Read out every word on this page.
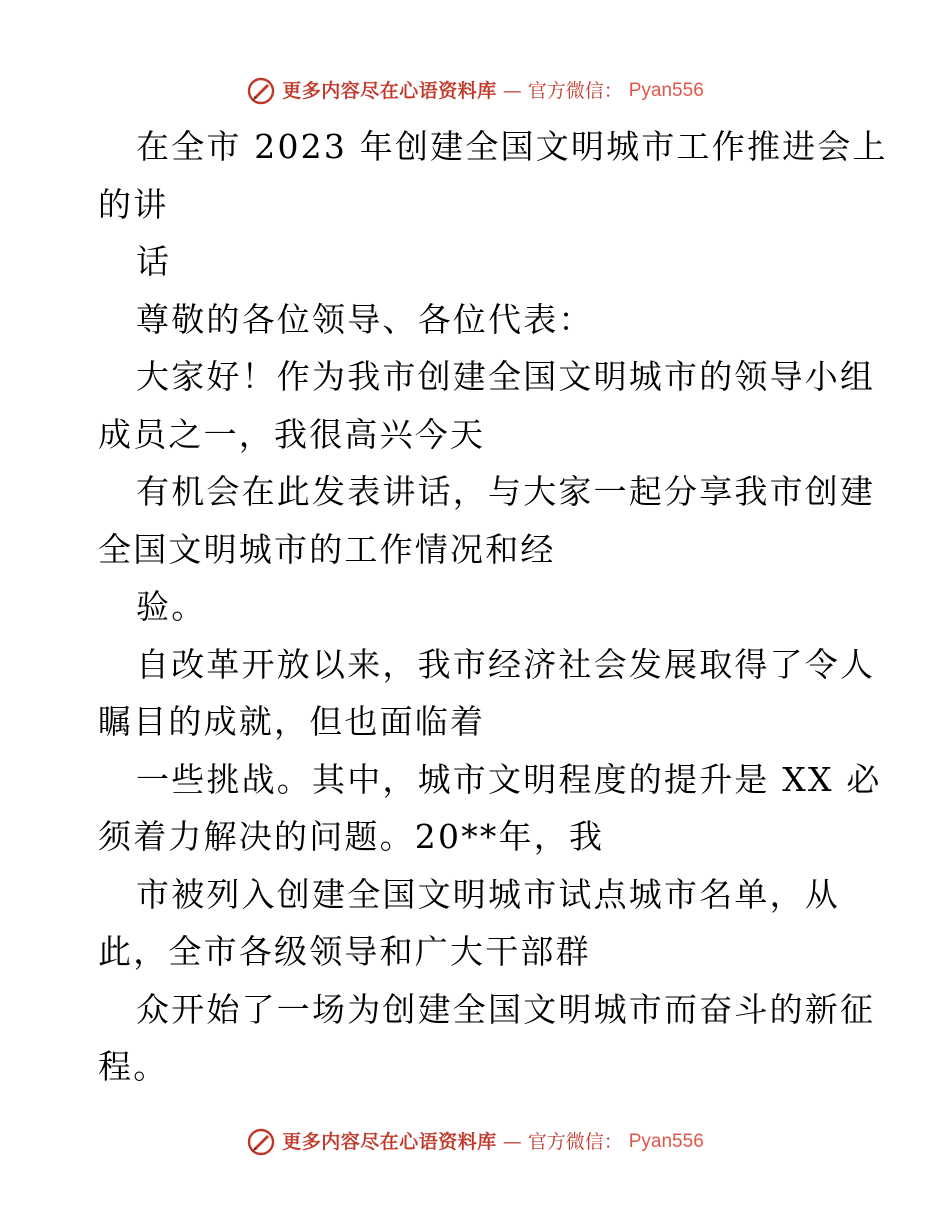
更多内容尽在心语资料库 — 官方微信： Pyan556
在全市 2023 年创建全国文明城市工作推进会上
的讲
话
尊敬的各位领导、各位代表：
大家好！作为我市创建全国文明城市的领导小组
成员之一，我很高兴今天
有机会在此发表讲话，与大家一起分享我市创建
全国文明城市的工作情况和经
验。
自改革开放以来，我市经济社会发展取得了令人
瞩目的成就，但也面临着
一些挑战。其中，城市文明程度的提升是 XX 必
须着力解决的问题。20**年，我
市被列入创建全国文明城市试点城市名单，从
此，全市各级领导和广大干部群
众开始了一场为创建全国文明城市而奋斗的新征
程。
更多内容尽在心语资料库 — 官方微信： Pyan556
